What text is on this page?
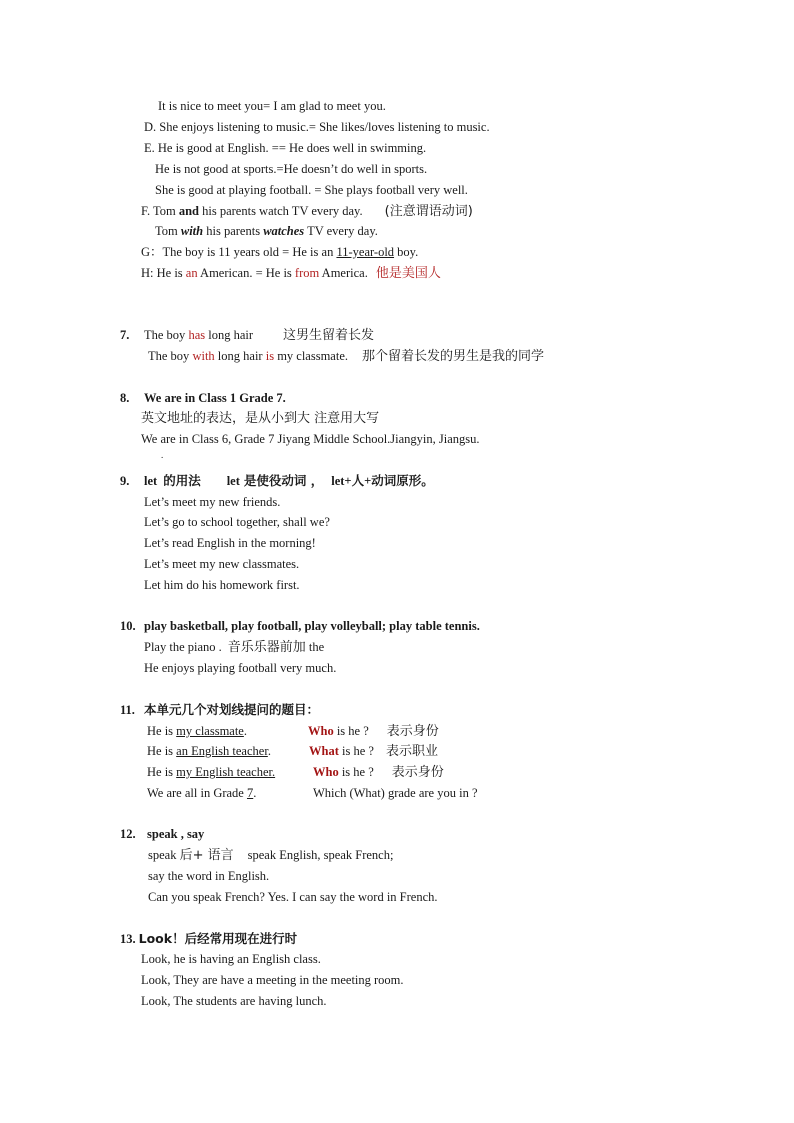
It is nice to meet you= I am glad to meet you.
D. She enjoys listening to music.= She likes/loves listening to music.
E. He is good at English. == He does well in swimming.
He is not good at sports.=He doesn’t do well in sports.
She is good at playing football. = She plays football very well.
F. Tom and his parents watch TV every day. (注意谓语动词)
Tom with his parents watches TV every day.
G：The boy is 11 years old = He is an 11-year-old boy.
H: He is an American. = He is from America. 他是美国人
7. The boy has long hair 这男生留着长发
The boy with long hair is my classmate. 那个留着长发的男生是我的同学
8. We are in Class 1 Grade 7.
英文地址的表达，是从小到大 注意用大写
We are in Class 6, Grade 7 Jiyang Middle School.Jiangyin, Jiangsu.
.
9. let 的用法 let 是使役动词 ， let+人+动词原形。
Let’s meet my new friends.
Let’s go to school together, shall we?
Let’s read English in the morning!
Let’s meet my new classmates.
Let him do his homework first.
10. play basketball, play football, play volleyball; play table tennis.
Play the piano . 音乐乐器前加 the
He enjoys playing football very much.
11. 本单元几个对划线提问的题目：
He is my classmate.	Who is he ? 表示身份
He is an English teacher.	What is he ? 表示职业
He is my English teacher.	Who is he ? 表示身份
We are all in Grade 7.	Which (What) grade are you in ?
12. speak , say
speak 后+ 语言 speak English, speak French;
say the word in English.
Can you speak French? Yes. I can say the word in French.
13. Look！后经常用现在进行时
Look, he is having an English class.
Look, They are have a meeting in the meeting room.
Look, The students are having lunch.
